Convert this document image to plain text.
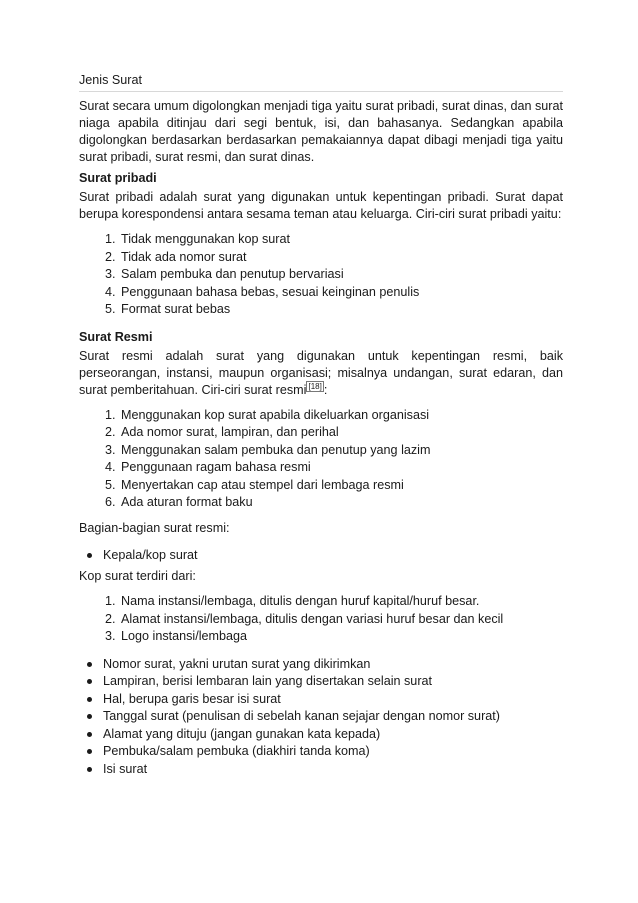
Jenis Surat

Surat secara umum digolongkan menjadi tiga yaitu surat pribadi, surat dinas, dan surat niaga apabila ditinjau dari segi bentuk, isi, dan bahasanya. Sedangkan apabila digolongkan berdasarkan berdasarkan pemakaiannya dapat dibagi menjadi tiga yaitu surat pribadi, surat resmi, dan surat dinas.

Surat pribadi

Surat pribadi adalah surat yang digunakan untuk kepentingan pribadi. Surat dapat berupa korespondensi antara sesama teman atau keluarga. Ciri-ciri surat pribadi yaitu:

1. Tidak menggunakan kop surat
2. Tidak ada nomor surat
3. Salam pembuka dan penutup bervariasi
4. Penggunaan bahasa bebas, sesuai keinginan penulis
5. Format surat bebas
Surat Resmi

Surat resmi adalah surat yang digunakan untuk kepentingan resmi, baik perseorangan, instansi, maupun organisasi; misalnya undangan, surat edaran, dan surat pemberitahuan. Ciri-ciri surat resmi [18] :

1. Menggunakan kop surat apabila dikeluarkan organisasi
2. Ada nomor surat, lampiran, dan perihal
3. Menggunakan salam pembuka dan penutup yang lazim
4. Penggunaan ragam bahasa resmi
5. Menyertakan cap atau stempel dari lembaga resmi
6. Ada aturan format baku

Bagian-bagian surat resmi:

Kepala/kop surat

Kop surat terdiri dari:

1. Nama instansi/lembaga, ditulis dengan huruf kapital/huruf besar.
2. Alamat instansi/lembaga, ditulis dengan variasi huruf besar dan kecil
3. Logo instansi/lembaga
Nomor surat, yakni urutan surat yang dikirimkan
Lampiran, berisi lembaran lain yang disertakan selain surat
Hal, berupa garis besar isi surat
Tanggal surat (penulisan di sebelah kanan sejajar dengan nomor surat)
Alamat yang dituju (jangan gunakan kata kepada)
Pembuka/salam pembuka (diakhiri tanda koma)
Isi surat
